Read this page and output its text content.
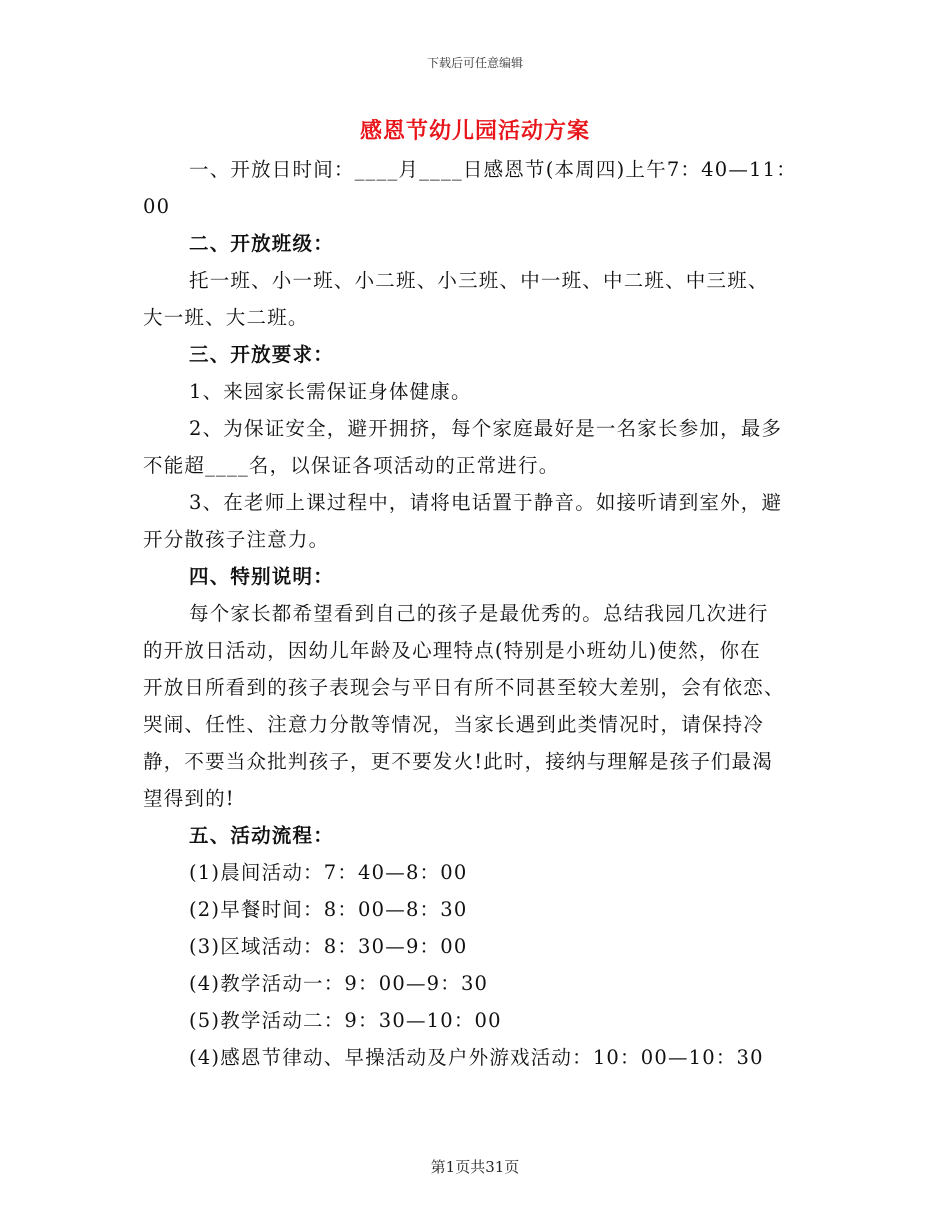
下载后可任意编辑
感恩节幼儿园活动方案
一、开放日时间：____月____日感恩节(本周四)上午7：40—11：
00
二、开放班级：
托一班、小一班、小二班、小三班、中一班、中二班、中三班、
大一班、大二班。
三、开放要求：
1、来园家长需保证身体健康。
2、为保证安全，避开拥挤，每个家庭最好是一名家长参加，最多
不能超____名，以保证各项活动的正常进行。
3、在老师上课过程中，请将电话置于静音。如接听请到室外，避
开分散孩子注意力。
四、特别说明：
每个家长都希望看到自己的孩子是最优秀的。总结我园几次进行
的开放日活动，因幼儿年龄及心理特点(特别是小班幼儿)使然，你在
开放日所看到的孩子表现会与平日有所不同甚至较大差别，会有依恋、
哭闹、任性、注意力分散等情况，当家长遇到此类情况时，请保持冷
静，不要当众批判孩子，更不要发火!此时，接纳与理解是孩子们最渴
望得到的!
五、活动流程：
(1)晨间活动：7：40—8：00
(2)早餐时间：8：00—8：30
(3)区域活动：8：30—9：00
(4)教学活动一：9：00—9：30
(5)教学活动二：9：30—10：00
(4)感恩节律动、早操活动及户外游戏活动：10：00—10：30
第1页共31页
